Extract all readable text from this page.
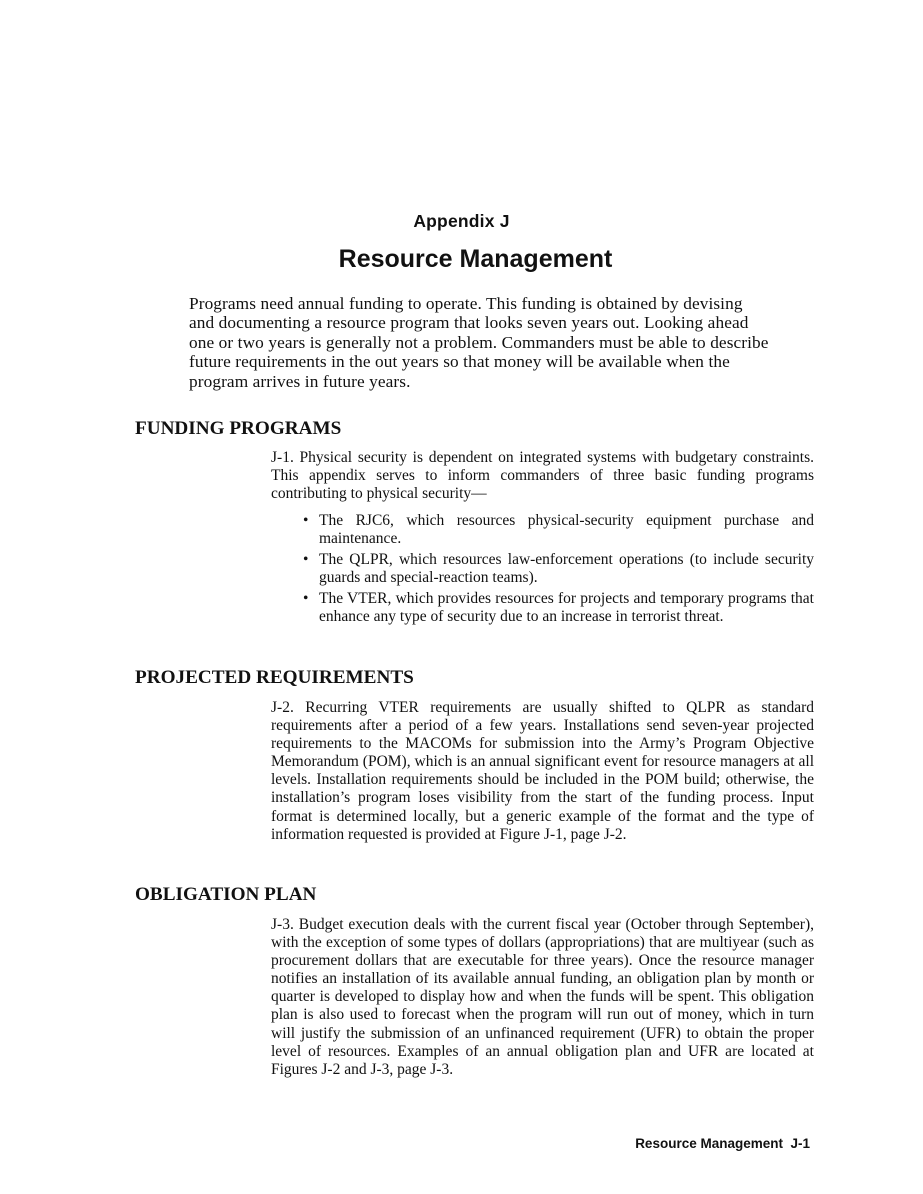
Appendix J
Resource Management

Programs need annual funding to operate. This funding is obtained by devising and documenting a resource program that looks seven years out. Looking ahead one or two years is generally not a problem. Commanders must be able to describe future requirements in the out years so that money will be available when the program arrives in future years.

FUNDING PROGRAMS

J-1. Physical security is dependent on integrated systems with budgetary constraints. This appendix serves to inform commanders of three basic funding programs contributing to physical security—

• The RJC6, which resources physical-security equipment purchase and maintenance.
• The QLPR, which resources law-enforcement operations (to include security guards and special-reaction teams).
• The VTER, which provides resources for projects and temporary programs that enhance any type of security due to an increase in terrorist threat.
PROJECTED REQUIREMENTS

J-2. Recurring VTER requirements are usually shifted to QLPR as standard requirements after a period of a few years. Installations send seven-year projected requirements to the MACOMs for submission into the Army’s Program Objective Memorandum (POM), which is an annual significant event for resource managers at all levels. Installation requirements should be included in the POM build; otherwise, the installation’s program loses visibility from the start of the funding process. Input format is determined locally, but a generic example of the format and the type of information requested is provided at Figure J-1, page J-2.

OBLIGATION PLAN

J-3. Budget execution deals with the current fiscal year (October through September), with the exception of some types of dollars (appropriations) that are multiyear (such as procurement dollars that are executable for three years). Once the resource manager notifies an installation of its available annual funding, an obligation plan by month or quarter is developed to display how and when the funds will be spent. This obligation plan is also used to forecast when the program will run out of money, which in turn will justify the submission of an unfinanced requirement (UFR) to obtain the proper level of resources. Examples of an annual obligation plan and UFR are located at Figures J-2 and J-3, page J-3.

Resource Management  J-1
